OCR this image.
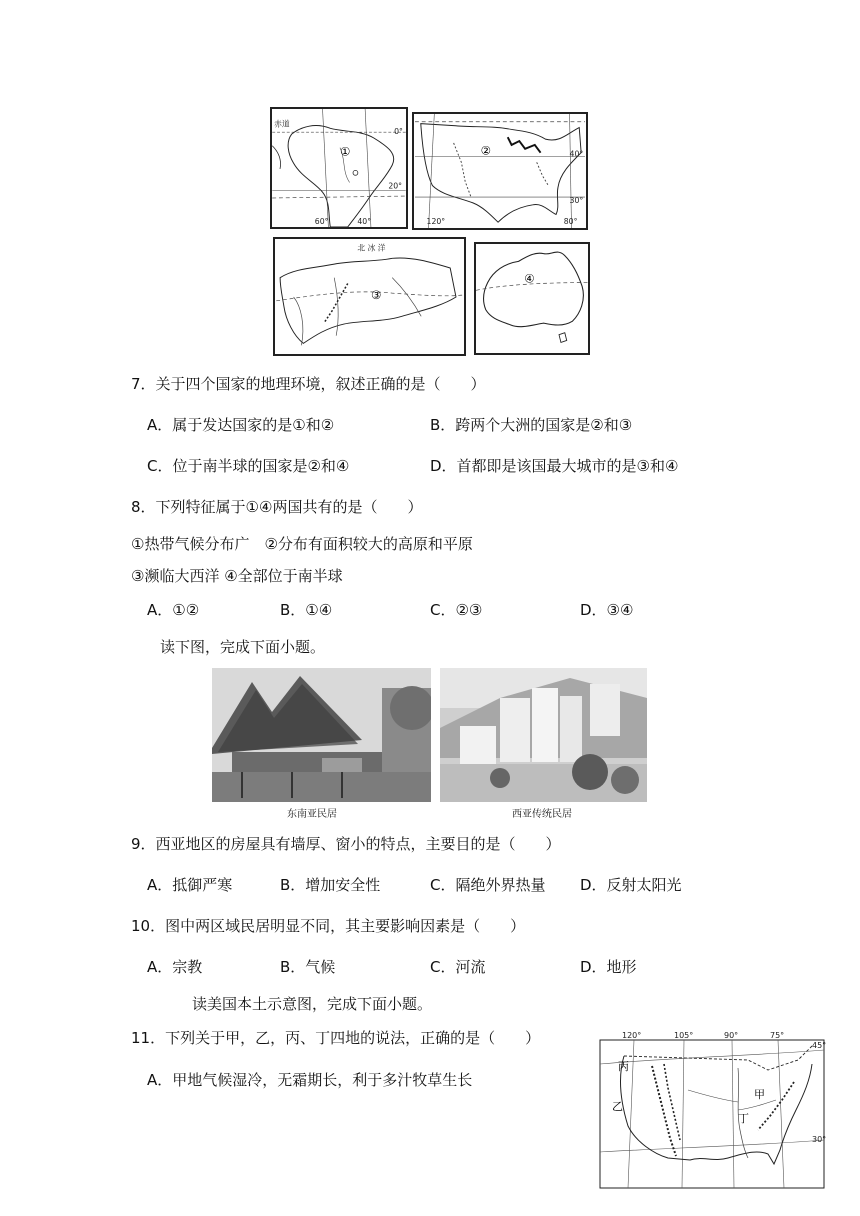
①
赤道
0°
20°
60°	40°
②	40°
30°
120°	80°
③
北 冰 洋
④
7．关于四个国家的地理环境，叙述正确的是（　　）
A．属于发达国家的是①和②	B．跨两个大洲的国家是②和③
C．位于南半球的国家是②和④	D．首都即是该国最大城市的是③和④
8．下列特征属于①④两国共有的是（　　）
①热带气候分布广　②分布有面积较大的高原和平原
③濒临大西洋 ④全部位于南半球
A．①②	B．①④	C．②③	D．③④
读下图，完成下面小题。
东南亚民居	西亚传统民居
9．西亚地区的房屋具有墙厚、窗小的特点，主要目的是（　　）
A．抵御严寒	B．增加安全性	C．隔绝外界热量 D．反射太阳光
10．图中两区域民居明显不同，其主要影响因素是（　　）
A．宗教	B．气候	C．河流	D．地形
读美国本土示意图，完成下面小题。
11．下列关于甲，乙，丙、丁四地的说法，正确的是（　　）
A．甲地气候湿冷，无霜期长，利于多汁牧草生长
120°	105°	90°	75°
45°
30°
丙
乙
甲
丁
